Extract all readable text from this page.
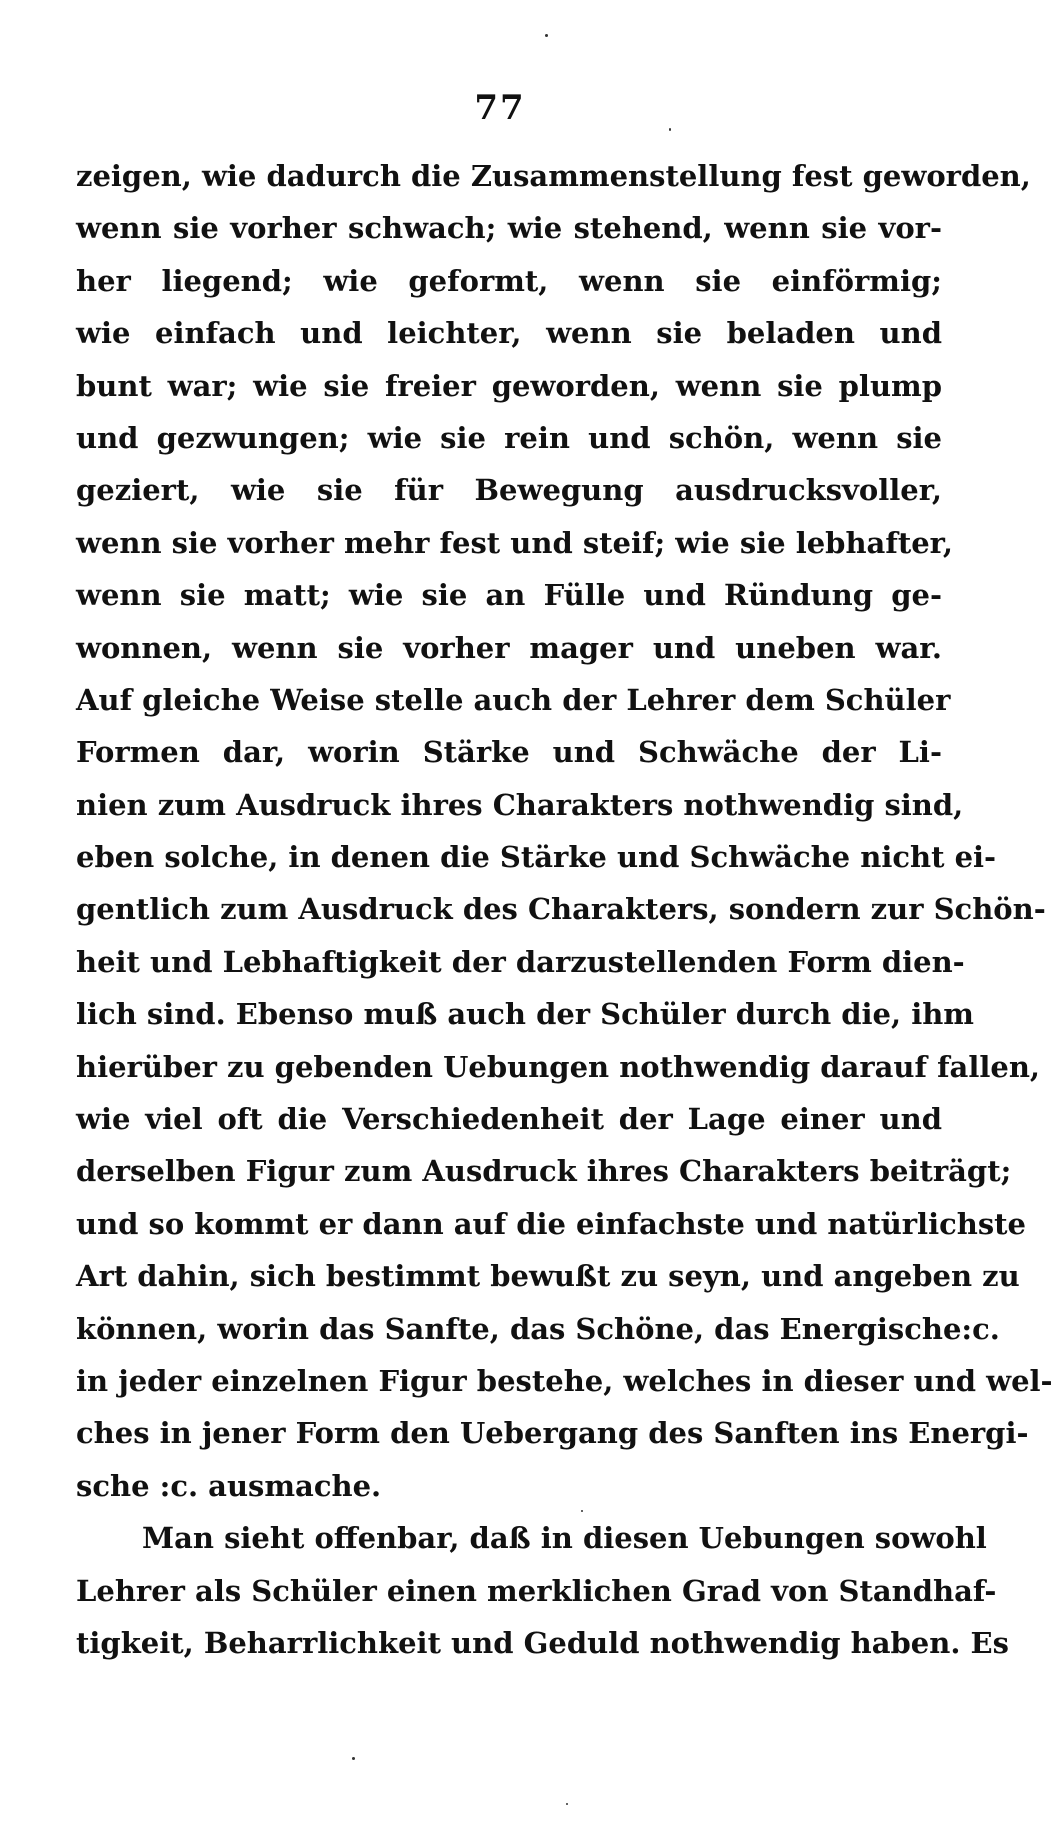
77
zeigen, wie dadurch die Zusammenstellung fest geworden,
wenn sie vorher schwach; wie stehend, wenn sie vor-
her liegend; wie geformt, wenn sie einförmig;
wie einfach und leichter, wenn sie beladen und
bunt war; wie sie freier geworden, wenn sie plump
und gezwungen; wie sie rein und schön, wenn sie
geziert, wie sie für Bewegung ausdrucksvoller,
wenn sie vorher mehr fest und steif; wie sie lebhafter,
wenn sie matt; wie sie an Fülle und Ründung ge-
wonnen, wenn sie vorher mager und uneben war.
Auf gleiche Weise stelle auch der Lehrer dem Schüler
Formen dar, worin Stärke und Schwäche der Li-
nien zum Ausdruck ihres Charakters nothwendig sind,
eben solche, in denen die Stärke und Schwäche nicht ei-
gentlich zum Ausdruck des Charakters, sondern zur Schön-
heit und Lebhaftigkeit der darzustellenden Form dien-
lich sind. Ebenso muß auch der Schüler durch die, ihm
hierüber zu gebenden Uebungen nothwendig darauf fallen,
wie viel oft die Verschiedenheit der Lage einer und
derselben Figur zum Ausdruck ihres Charakters beiträgt;
und so kommt er dann auf die einfachste und natürlichste
Art dahin, sich bestimmt bewußt zu seyn, und angeben zu
können, worin das Sanfte, das Schöne, das Energische:c.
in jeder einzelnen Figur bestehe, welches in dieser und wel-
ches in jener Form den Uebergang des Sanften ins Energi-
sche :c. ausmache.
Man sieht offenbar, daß in diesen Uebungen sowohl
Lehrer als Schüler einen merklichen Grad von Standhaf-
tigkeit, Beharrlichkeit und Geduld nothwendig haben. Es
